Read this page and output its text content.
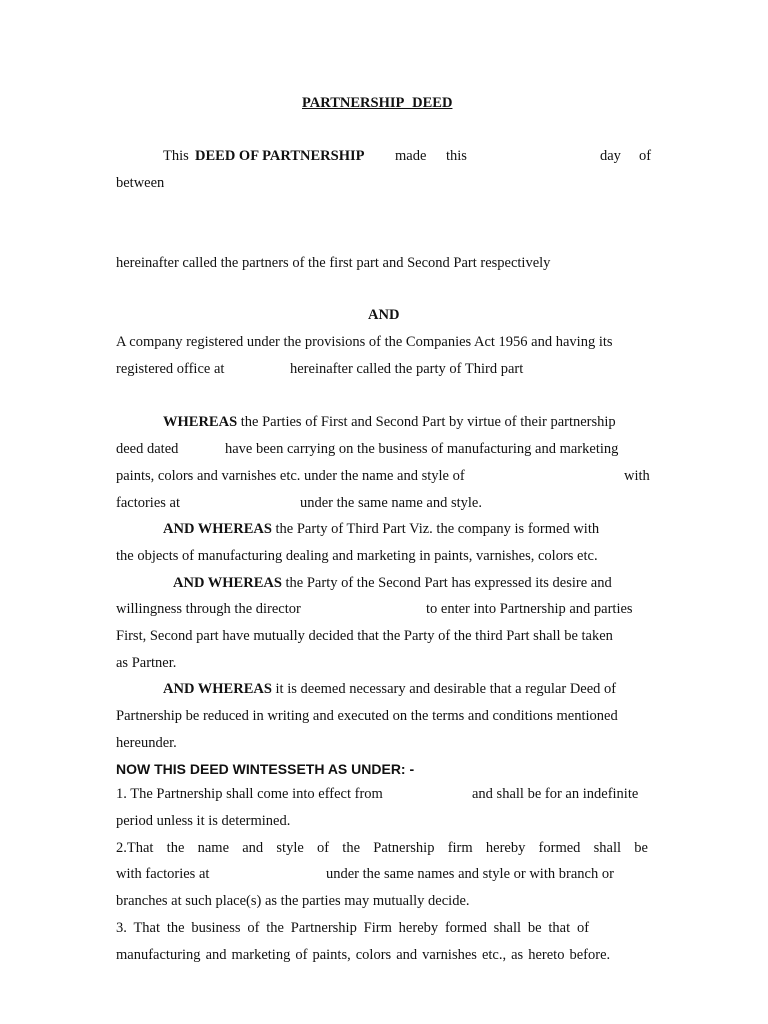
PARTNERSHIP DEED
This DEED OF PARTNERSHIP made this	day of
between
hereinafter called the partners of the first part and Second Part respectively
AND
A company registered under the provisions of the Companies Act 1956 and having its
registered office at	hereinafter called the party of Third part
WHEREAS the Parties of First and Second Part by virtue of their partnership
deed dated	have been carrying on the business of manufacturing and marketing
paints, colors and varnishes etc. under the name and style of	with
factories at	under the same name and style.
AND WHEREAS the Party of Third Part Viz. the company is formed with
the objects of manufacturing dealing and marketing in paints, varnishes, colors etc.
AND WHEREAS the Party of the Second Part has expressed its desire and
willingness through the director	to enter into Partnership and parties
First, Second part have mutually decided that the Party of the third Part shall be taken
as Partner.
AND WHEREAS it is deemed necessary and desirable that a regular Deed of
Partnership be reduced in writing and executed on the terms and conditions mentioned
hereunder.
NOW THIS DEED WINTESSETH AS UNDER: -
1. The Partnership shall come into effect from	and shall be for an indefinite
period unless it is determined.
2.That the name and style of the Patnership firm hereby formed shall be
with factories at	under the same names and style or with branch or
branches at such place(s) as the parties may mutually decide.
3. That the business of the Partnership Firm hereby formed shall be that of
manufacturing and marketing of paints, colors and varnishes etc., as hereto before.
